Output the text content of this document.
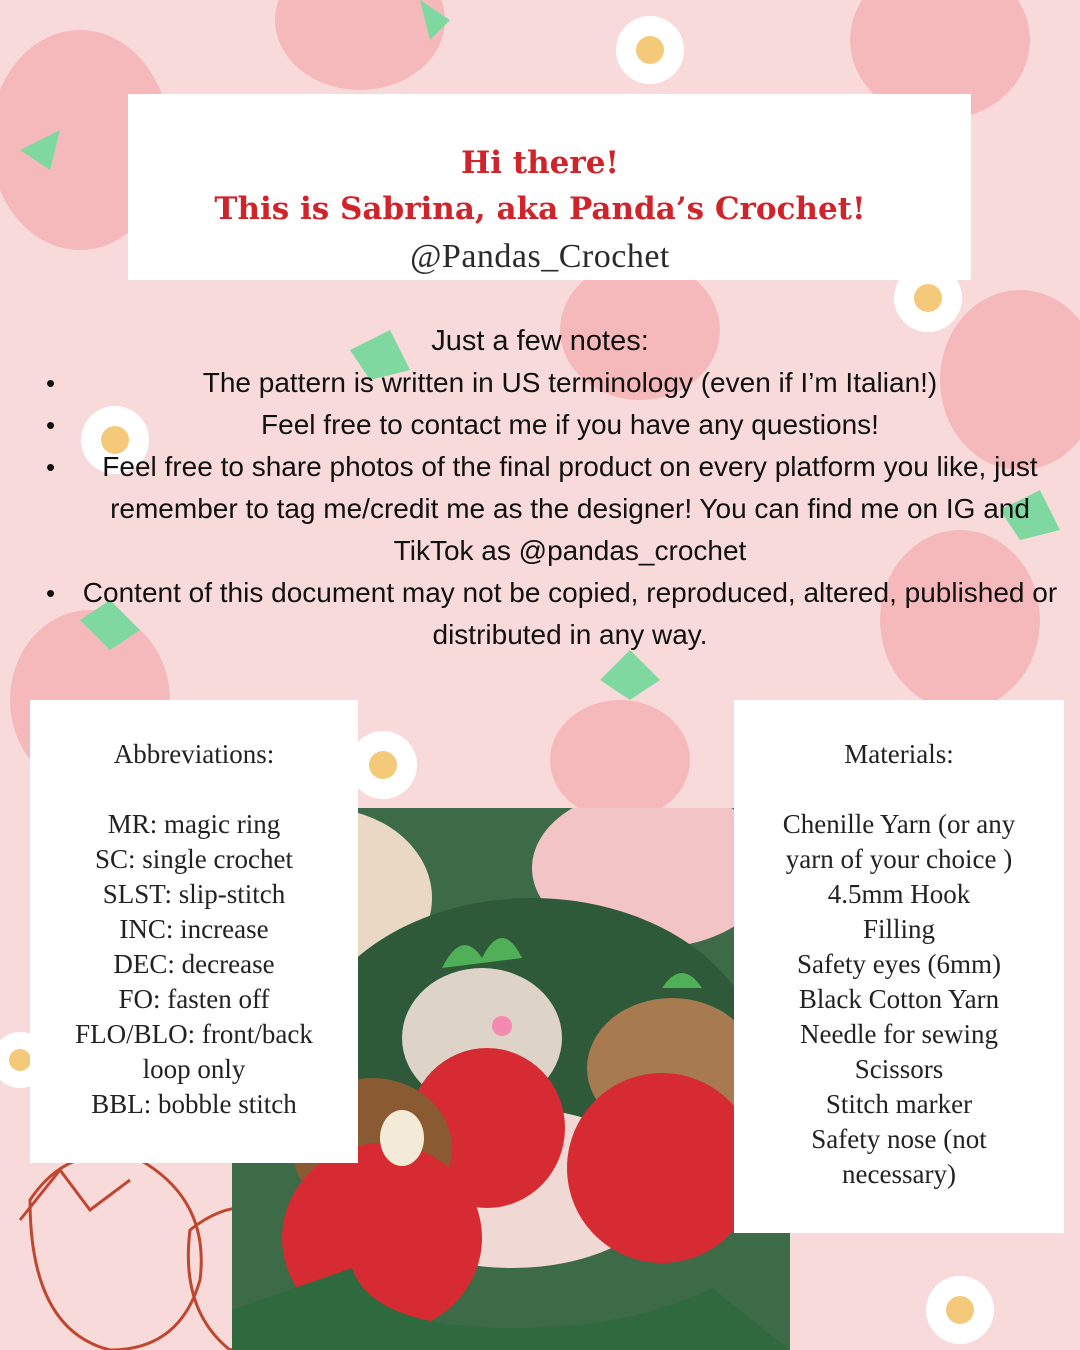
Hi there!
This is Sabrina, aka Panda’s Crochet!
@Pandas_Crochet
Just a few notes:
•	The pattern is written in US terminology (even if I’m Italian!)
•	Feel free to contact me if you have any questions!
• Feel free to share photos of the final product on every platform you like, just remember to tag me/credit me as the designer! You can find me on IG and TikTok as @pandas_crochet
• Content of this document may not be copied, reproduced, altered, published or distributed in any way.

Abbreviations:

MR: magic ring
SC: single crochet
SLST: slip-stitch
INC: increase
DEC: decrease
FO: fasten off
FLO/BLO: front/back loop only
BBL: bobble stitch

Materials:

Chenille Yarn (or any yarn of your choice )
4.5mm Hook
Filling
Safety eyes (6mm)
Black Cotton Yarn
Needle for sewing
Scissors
Stitch marker
Safety nose (not necessary)
